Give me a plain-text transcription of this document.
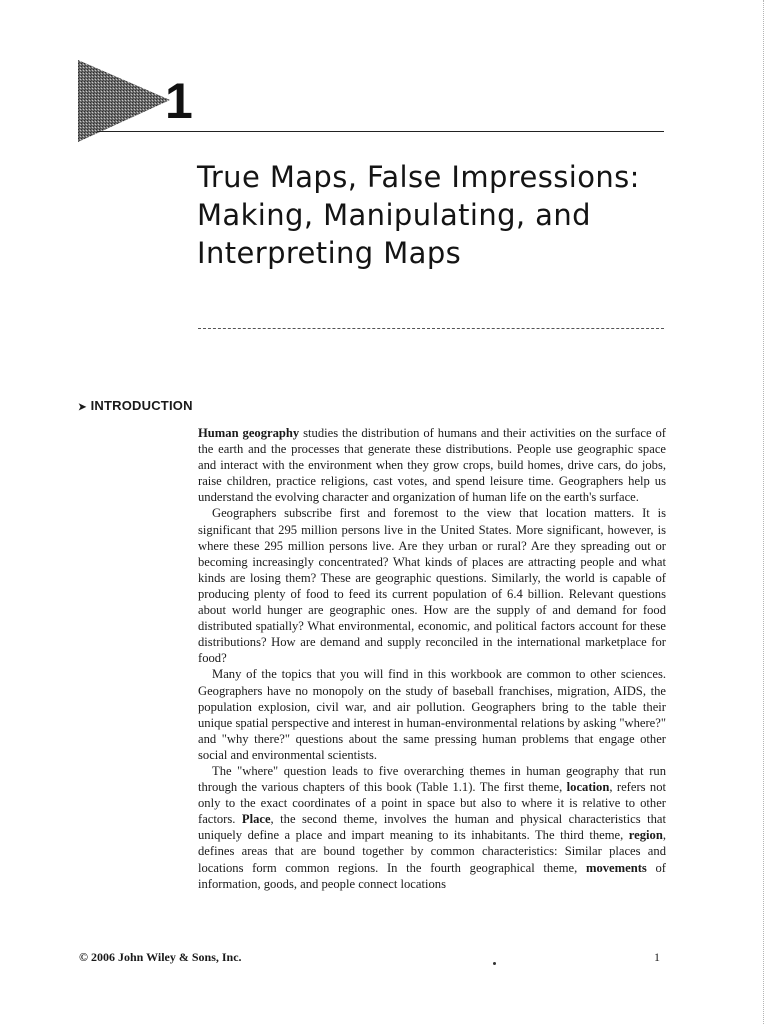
1
True Maps, False Impressions: Making, Manipulating, and Interpreting Maps
➤ INTRODUCTION

Human geography studies the distribution of humans and their activities on the surface of the earth and the processes that generate these distributions. People use geographic space and interact with the environment when they grow crops, build homes, drive cars, do jobs, raise children, practice religions, cast votes, and spend leisure time. Geographers help us understand the evolving character and organization of human life on the earth's surface.

Geographers subscribe first and foremost to the view that location matters. It is significant that 295 million persons live in the United States. More significant, however, is where these 295 million persons live. Are they urban or rural? Are they spreading out or becoming increasingly concentrated? What kinds of places are attracting people and what kinds are losing them? These are geographic questions. Similarly, the world is capable of producing plenty of food to feed its current population of 6.4 billion. Relevant questions about world hunger are geographic ones. How are the supply of and demand for food distributed spatially? What environmental, economic, and political factors account for these distributions? How are demand and supply reconciled in the international marketplace for food?

Many of the topics that you will find in this workbook are common to other sciences. Geographers have no monopoly on the study of baseball franchises, migration, AIDS, the population explosion, civil war, and air pollution. Geographers bring to the table their unique spatial perspective and interest in human-environmental relations by asking "where?" and "why there?" questions about the same pressing human problems that engage other social and environmental scientists.

The "where" question leads to five overarching themes in human geography that run through the various chapters of this book (Table 1.1). The first theme, location, refers not only to the exact coordinates of a point in space but also to where it is relative to other factors. Place, the second theme, involves the human and physical characteristics that uniquely define a place and impart meaning to its inhabitants. The third theme, region, defines areas that are bound together by common characteristics: Similar places and locations form common regions. In the fourth geographical theme, movements of information, goods, and people connect locations

© 2006 John Wiley & Sons, Inc.	1
